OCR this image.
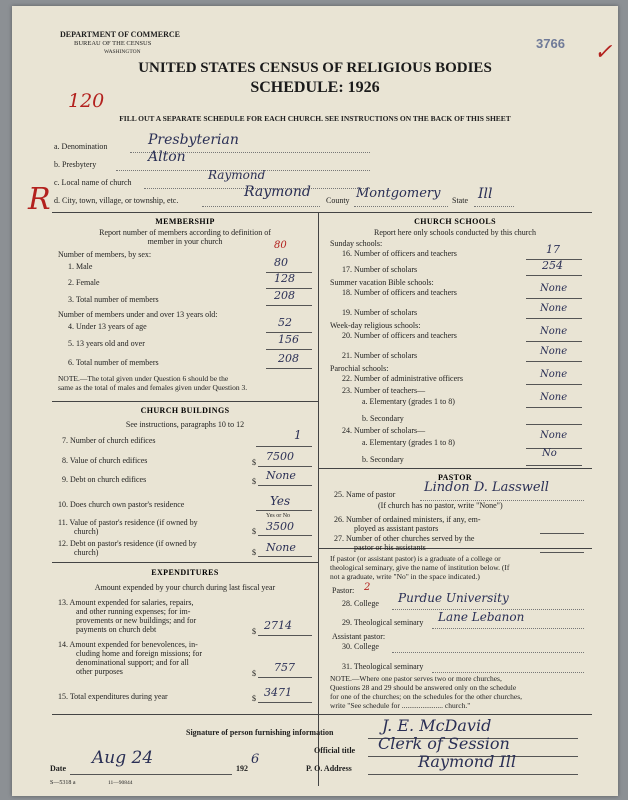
DEPARTMENT OF COMMERCE
BUREAU OF THE CENSUS
WASHINGTON
3766 ✓
UNITED STATES CENSUS OF RELIGIOUS BODIES
SCHEDULE: 1926
120
FILL OUT A SEPARATE SCHEDULE FOR EACH CHURCH. SEE INSTRUCTIONS ON THE BACK OF THIS SHEET
R
a. Denomination	Presbyterian
b. Presbytery	Alton
c. Local name of church
Raymond
d. City, town, village, or township, etc.
Raymond
County Montgomery State Ill
MEMBERSHIP
Report number of members according to definition of
member in your church
Number of members, by sex:
80
1. Male	80
2. Female	128
3. Total number of members	208
Number of members under and over 13 years old:
4. Under 13 years of age	52
5. 13 years old and over	156
6. Total number of members	208
NOTE.—The total given under Question 6 should be the
same as the total of males and females given under Question 3.
CHURCH BUILDINGS
See instructions, paragraphs 10 to 12
7. Number of church edifices	1
8. Value of church edifices	$ 7500
9. Debt on church edifices	$ None
10. Does church own pastor's residence	Yes
Yes or No
11. Value of pastor's residence (if owned by
church)	$ 3500
12. Debt on pastor's residence (if owned by
church)	$ None
EXPENDITURES
Amount expended by your church during last fiscal year
13. Amount expended for salaries, repairs,
and other running expenses; for im-
provements or new buildings; and for
payments on church debt	$ 2714
14. Amount expended for benevolences, in-
cluding home and foreign missions; for
denominational support; and for all
other purposes	$ 757
15. Total expenditures during year	$ 3471
CHURCH SCHOOLS
Report here only schools conducted by this church
Sunday schools:
16. Number of officers and teachers	17
17. Number of scholars	254
Summer vacation Bible schools:
18. Number of officers and teachers	None
19. Number of scholars	None
Week-day religious schools:
20. Number of officers and teachers	None
21. Number of scholars	None
Parochial schools:
22. Number of administrative officers	None
23. Number of teachers—
a. Elementary (grades 1 to 8)	None
b. Secondary
24. Number of scholars—
a. Elementary (grades 1 to 8)
None
b. Secondary
No
PASTOR
25. Name of pastor Lindon D. Lasswell
(If church has no pastor, write "None")
26. Number of ordained ministers, if any, em-
ployed as assistant pastors
27. Number of other churches served by the
pastor or his assistants
If pastor (or assistant pastor) is a graduate of a college or
theological seminary, give the name of institution below. (If
not a graduate, write "No" in the space indicated.)
Pastor: 2
28. College Purdue University
29. Theological seminary Lane Lebanon
Assistant pastor:
30. College
31. Theological seminary
NOTE.—Where one pastor serves two or more churches,
Questions 28 and 29 should be answered only on the schedule
for one of the churches; on the schedules for the other churches,
write "See schedule for ...................... church."
Signature of person furnishing information	J. E. McDavid
Official title Clerk of Session
Date
Aug 24
192
6
P. O. Address	Raymond Ill
S—5318 a	11—90844
